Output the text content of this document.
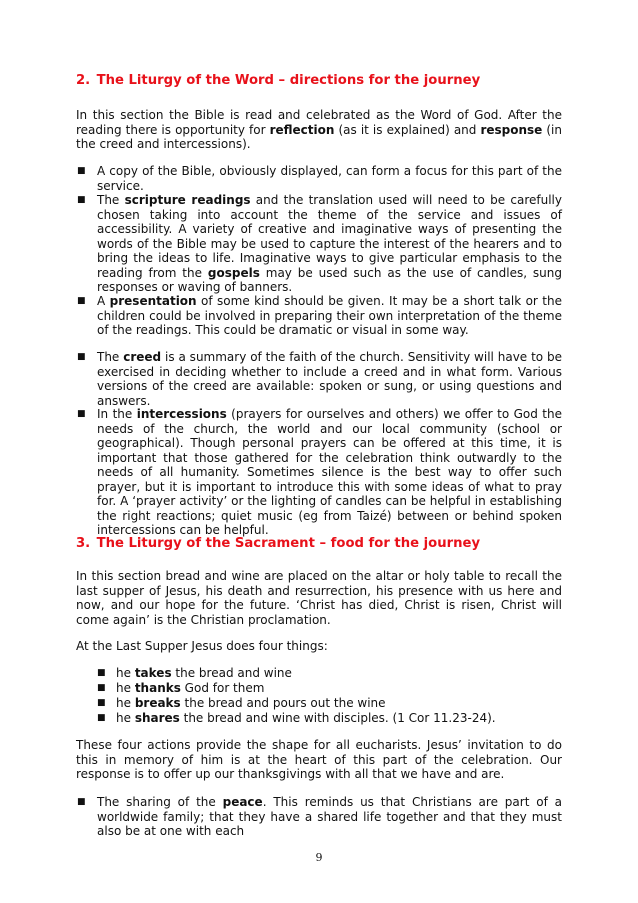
2. The Liturgy of the Word – directions for the journey

In this section the Bible is read and celebrated as the Word of God. After the reading there is opportunity for reflection (as it is explained) and response (in the creed and intercessions).

■ A copy of the Bible, obviously displayed, can form a focus for this part of the service.
■ The scripture readings and the translation used will need to be carefully chosen taking into account the theme of the service and issues of accessibility. A variety of creative and imaginative ways of presenting the words of the Bible may be used to capture the interest of the hearers and to bring the ideas to life. Imaginative ways to give particular emphasis to the reading from the gospels may be used such as the use of candles, sung responses or waving of banners.
■ A presentation of some kind should be given. It may be a short talk or the children could be involved in preparing their own interpretation of the theme of the readings. This could be dramatic or visual in some way.
■ The creed is a summary of the faith of the church. Sensitivity will have to be exercised in deciding whether to include a creed and in what form. Various versions of the creed are available: spoken or sung, or using questions and answers.
■ In the intercessions (prayers for ourselves and others) we offer to God the needs of the church, the world and our local community (school or geographical). Though personal prayers can be offered at this time, it is important that those gathered for the celebration think outwardly to the needs of all humanity. Sometimes silence is the best way to offer such prayer, but it is important to introduce this with some ideas of what to pray for. A ‘prayer activity’ or the lighting of candles can be helpful in establishing the right reactions; quiet music (eg from Taizé) between or behind spoken intercessions can be helpful.
3. The Liturgy of the Sacrament – food for the journey

In this section bread and wine are placed on the altar or holy table to recall the last supper of Jesus, his death and resurrection, his presence with us here and now, and our hope for the future. ‘Christ has died, Christ is risen, Christ will come again’ is the Christian proclamation.

At the Last Supper Jesus does four things:

■ he takes the bread and wine
■ he thanks God for them
■ he breaks the bread and pours out the wine
■ he shares the bread and wine with disciples. (1 Cor 11.23-24).

These four actions provide the shape for all eucharists. Jesus’ invitation to do this in memory of him is at the heart of this part of the celebration. Our response is to offer up our thanksgivings with all that we have and are.

■ The sharing of the peace. This reminds us that Christians are part of a worldwide family; that they have a shared life together and that they must also be at one with each
9
